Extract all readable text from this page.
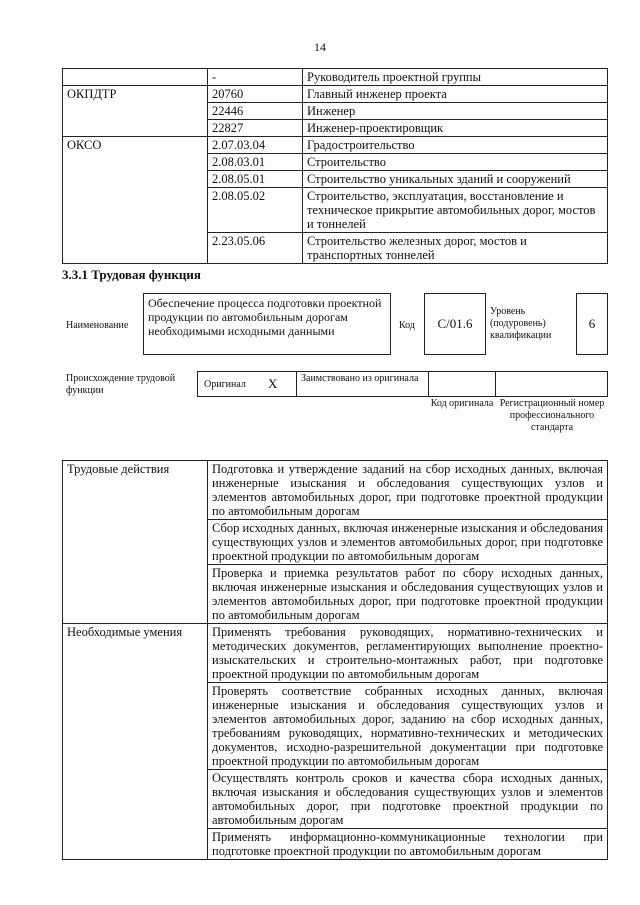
14
	-	Руководитель проектной группы
ОКПДТР	20760	Главный инженер проекта
	22446	Инженер
	22827	Инженер-проектировщик
ОКСО	2.07.03.04	Градостроительство
	2.08.03.01	Строительство
	2.08.05.01	Строительство уникальных зданий и сооружений
	2.08.05.02	Строительство, эксплуатация, восстановление и техническое прикрытие автомобильных дорог, мостов и тоннелей
	2.23.05.06	Строительство железных дорог, мостов и транспортных тоннелей
3.3.1 Трудовая функция
Наименование
Обеспечение процесса подготовки проектной продукции по автомобильным дорогам необходимыми исходными данными	Код	C/01.6
Уровень (подуровень) квалификации
6
Происхождение трудовой функции
Оригинал X Заимствовано из оригинала
Код оригинала Регистрационный номер профессионального стандарта
Трудовые действия	Подготовка и утверждение заданий на сбор исходных данных, включая инженерные изыскания и обследования существующих узлов и элементов автомобильных дорог, при подготовке проектной продукции по автомобильным дорогам
	Сбор исходных данных, включая инженерные изыскания и обследования существующих узлов и элементов автомобильных дорог, при подготовке проектной продукции по автомобильным дорогам
	Проверка и приемка результатов работ по сбору исходных данных, включая инженерные изыскания и обследования существующих узлов и элементов автомобильных дорог, при подготовке проектной продукции по автомобильным дорогам
Необходимые умения	Применять требования руководящих, нормативно-технических и методических документов, регламентирующих выполнение проектно-изыскательских и строительно-монтажных работ, при подготовке проектной продукции по автомобильным дорогам
	Проверять соответствие собранных исходных данных, включая инженерные изыскания и обследования существующих узлов и элементов автомобильных дорог, заданию на сбор исходных данных, требованиям руководящих, нормативно-технических и методических документов, исходно-разрешительной документации при подготовке проектной продукции по автомобильным дорогам
	Осуществлять контроль сроков и качества сбора исходных данных, включая изыскания и обследования существующих узлов и элементов автомобильных дорог, при подготовке проектной продукции по автомобильным дорогам
	Применять информационно-коммуникационные технологии при подготовке проектной продукции по автомобильным дорогам
